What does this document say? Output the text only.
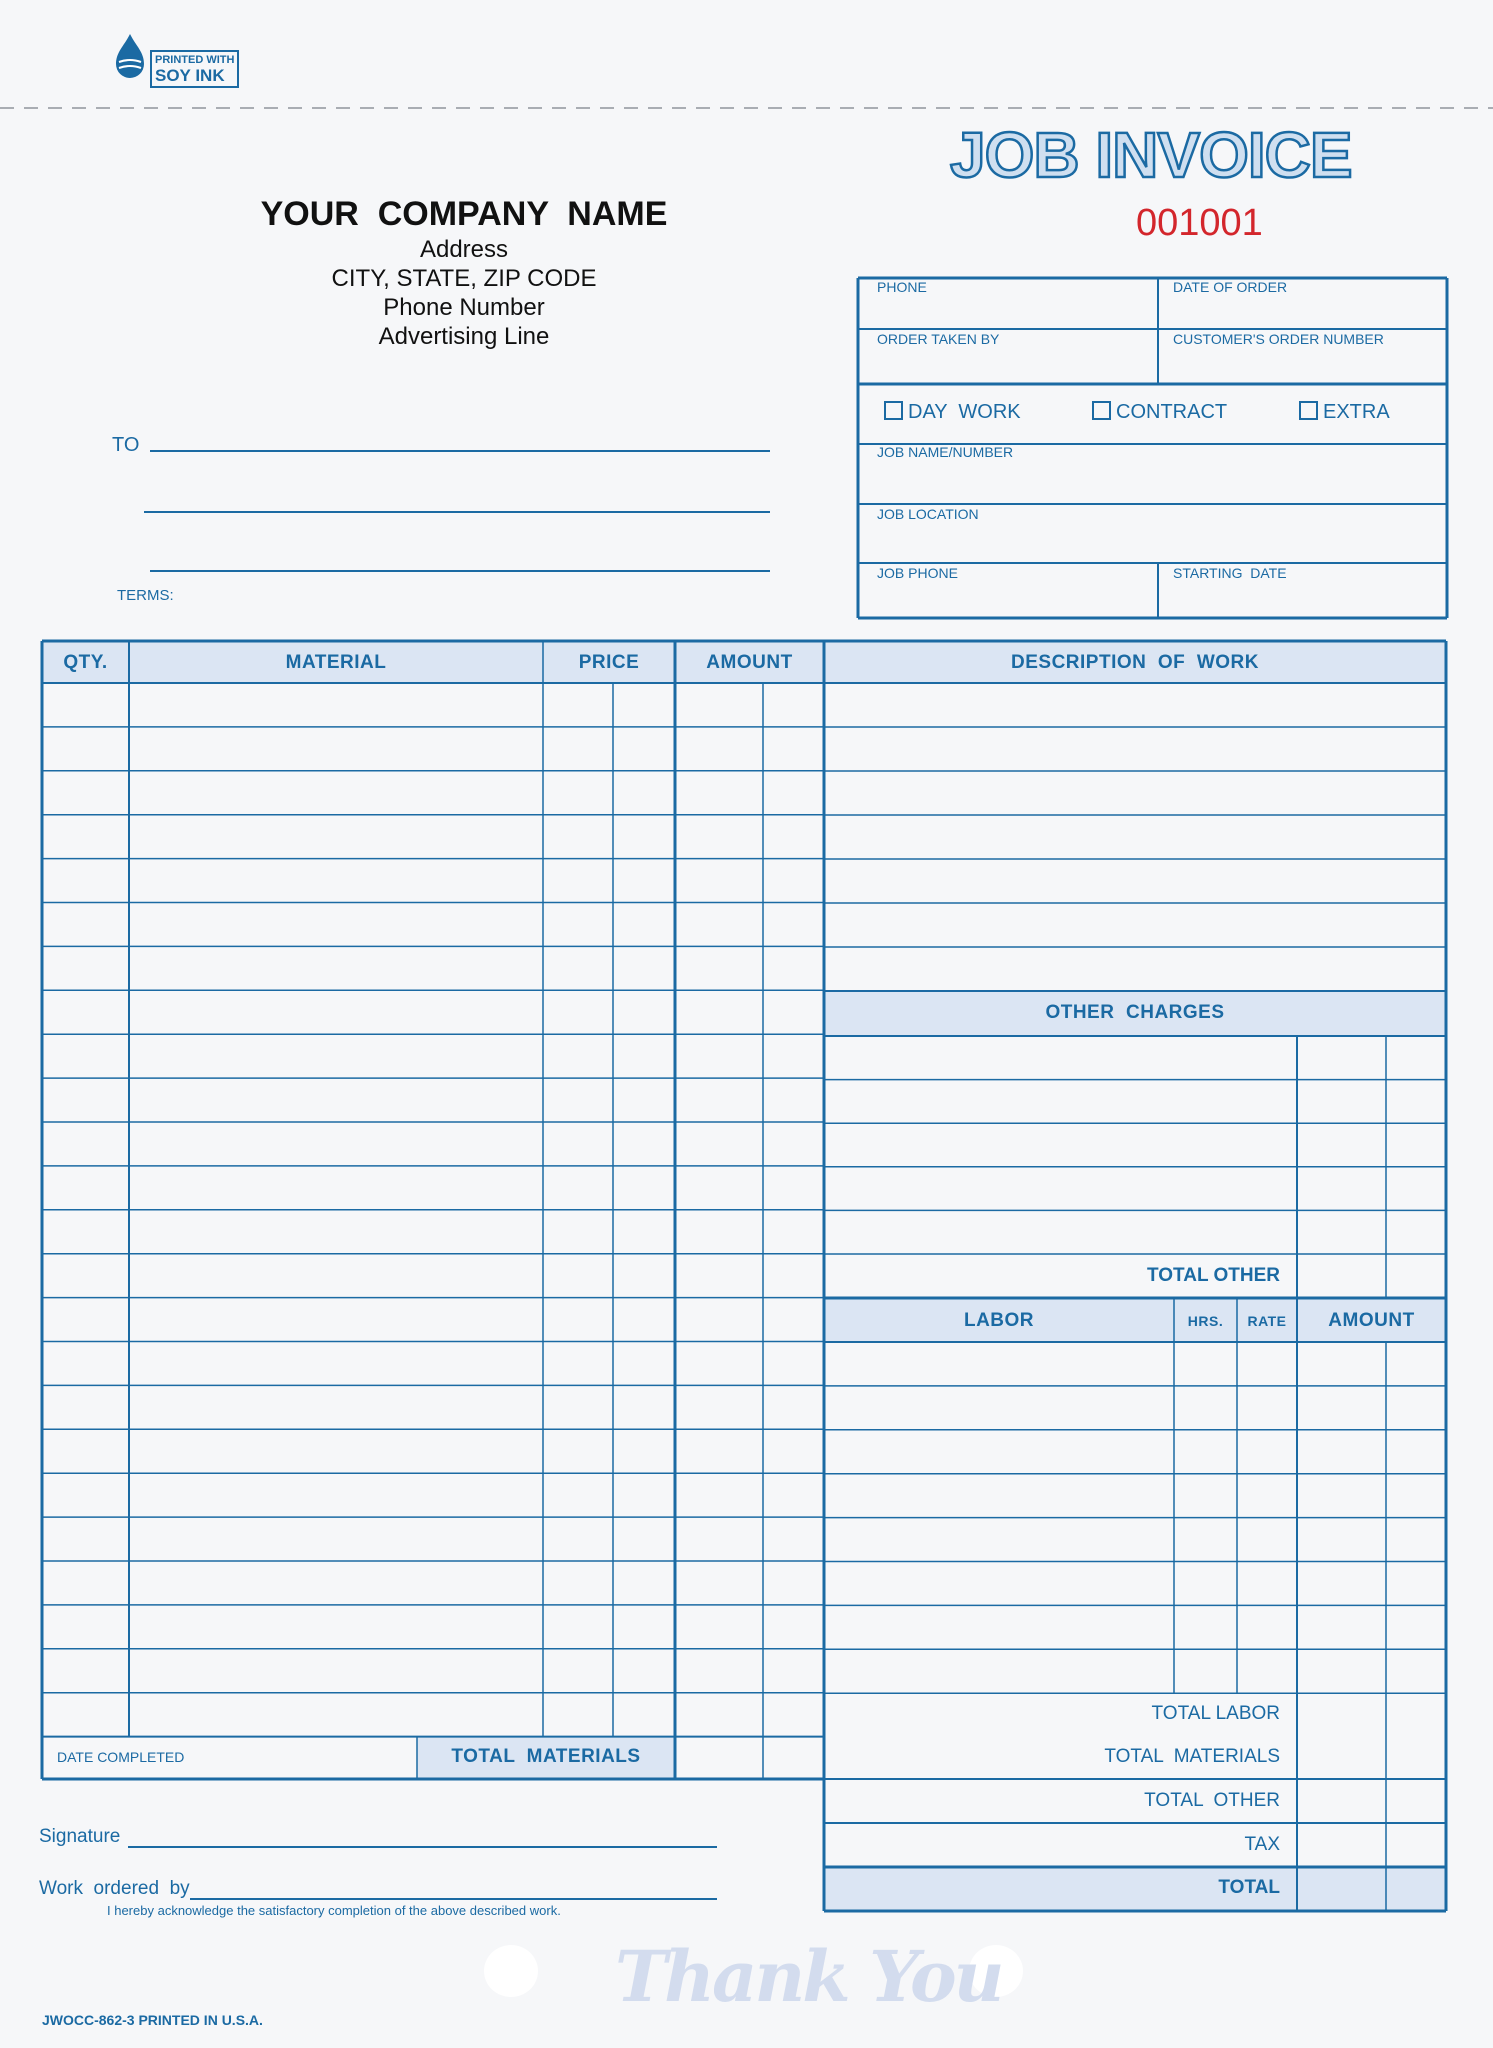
PRINTED WITH
SOY INK
JOB INVOICE
001001
YOUR  COMPANY  NAME
Address
CITY, STATE, ZIP CODE
Phone Number
Advertising Line
TO
TERMS:
PHONE	DATE OF ORDER
ORDER TAKEN BY	CUSTOMER'S ORDER NUMBER
DAY  WORK	CONTRACT	EXTRA
JOB NAME/NUMBER
JOB LOCATION
JOB PHONE	STARTING  DATE
QTY.	MATERIAL	PRICE	AMOUNT	DESCRIPTION  OF  WORK
OTHER  CHARGES
TOTAL OTHER
LABOR	HRS.	RATE	AMOUNT
TOTAL LABOR
TOTAL  MATERIALS
TOTAL  OTHER
TAX
TOTAL
DATE COMPLETED	TOTAL  MATERIALS
Signature
Work  ordered  by
I hereby acknowledge the satisfactory completion of the above described work.
Thank You
JWOCC-862-3 PRINTED IN U.S.A.
